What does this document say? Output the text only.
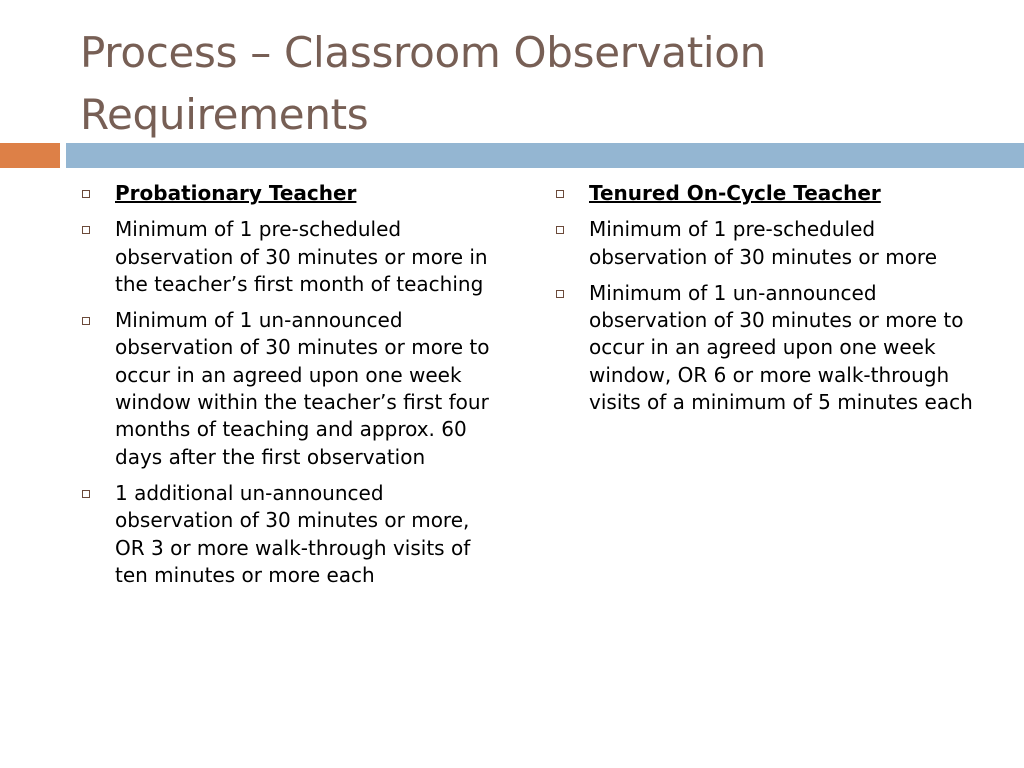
Process – Classroom Observation Requirements
Probationary Teacher
Minimum of 1 pre-scheduled observation of 30 minutes or more in the teacher’s first month of teaching
Minimum of 1 un-announced observation of 30 minutes or more to occur in an agreed upon one week window within the teacher’s first four months of teaching and approx. 60 days after the first observation
1 additional un-announced observation of 30 minutes or more, OR 3 or more walk-through visits of ten minutes or more each
Tenured On-Cycle Teacher
Minimum of 1 pre-scheduled observation of 30 minutes or more
Minimum of 1 un-announced observation of 30 minutes or more to occur in an agreed upon one week window, OR 6 or more walk-through visits of a minimum of 5 minutes each
